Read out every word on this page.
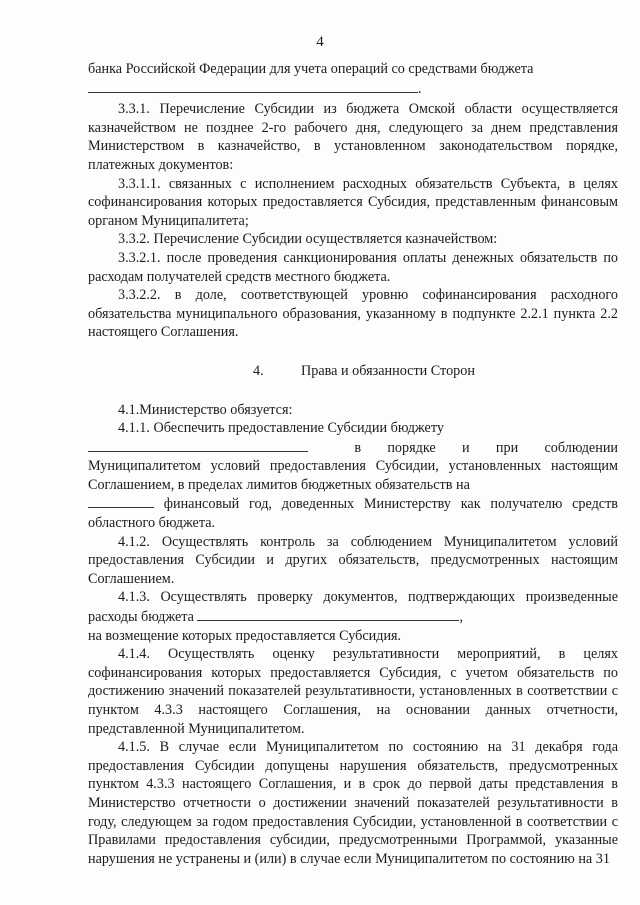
4

банка Российской Федерации для учета операций со средствами бюджета

.

3.3.1. Перечисление Субсидии из бюджета Омской области осуществляется казначейством не позднее 2-го рабочего дня, следующего за днем представления Министерством в казначейство, в установленном законодательством порядке, платежных документов:

3.3.1.1. связанных с исполнением расходных обязательств Субъекта, в целях софинансирования которых предоставляется Субсидия, представленным финансовым органом Муниципалитета;

3.3.2. Перечисление Субсидии осуществляется казначейством:

3.3.2.1. после проведения санкционирования оплаты денежных обязательств по расходам получателей средств местного бюджета.

3.3.2.2. в доле, соответствующей уровню софинансирования расходного обязательства муниципального образования, указанному в подпункте 2.2.1 пункта 2.2 настоящего Соглашения.

4.	Права и обязанности Сторон

4.1.Министерство обязуется:

4.1.1. Обеспечить предоставление Субсидии бюджету

в порядке и при соблюдении

Муниципалитетом условий предоставления Субсидии, установленных настоящим Соглашением, в пределах лимитов бюджетных обязательств на

финансовый год, доведенных Министерству как получателю средств областного бюджета.

4.1.2. Осуществлять контроль за соблюдением Муниципалитетом условий предоставления Субсидии и других обязательств, предусмотренных настоящим Соглашением.

4.1.3. Осуществлять проверку документов, подтверждающих произведенные расходы бюджета	,

на возмещение которых предоставляется Субсидия.

4.1.4. Осуществлять оценку результативности мероприятий, в целях софинансирования которых предоставляется Субсидия, с учетом обязательств по достижению значений показателей результативности, установленных в соответствии с пунктом 4.3.3 настоящего Соглашения, на основании данных отчетности, представленной Муниципалитетом.

4.1.5. В случае если Муниципалитетом по состоянию на 31 декабря года предоставления Субсидии допущены нарушения обязательств, предусмотренных пунктом 4.3.3 настоящего Соглашения, и в срок до первой даты представления в Министерство отчетности о достижении значений показателей результативности в году, следующем за годом предоставления Субсидии, установленной в соответствии с Правилами предоставления субсидии, предусмотренными Программой, указанные нарушения не устранены и (или) в случае если Муниципалитетом по состоянию на 31
